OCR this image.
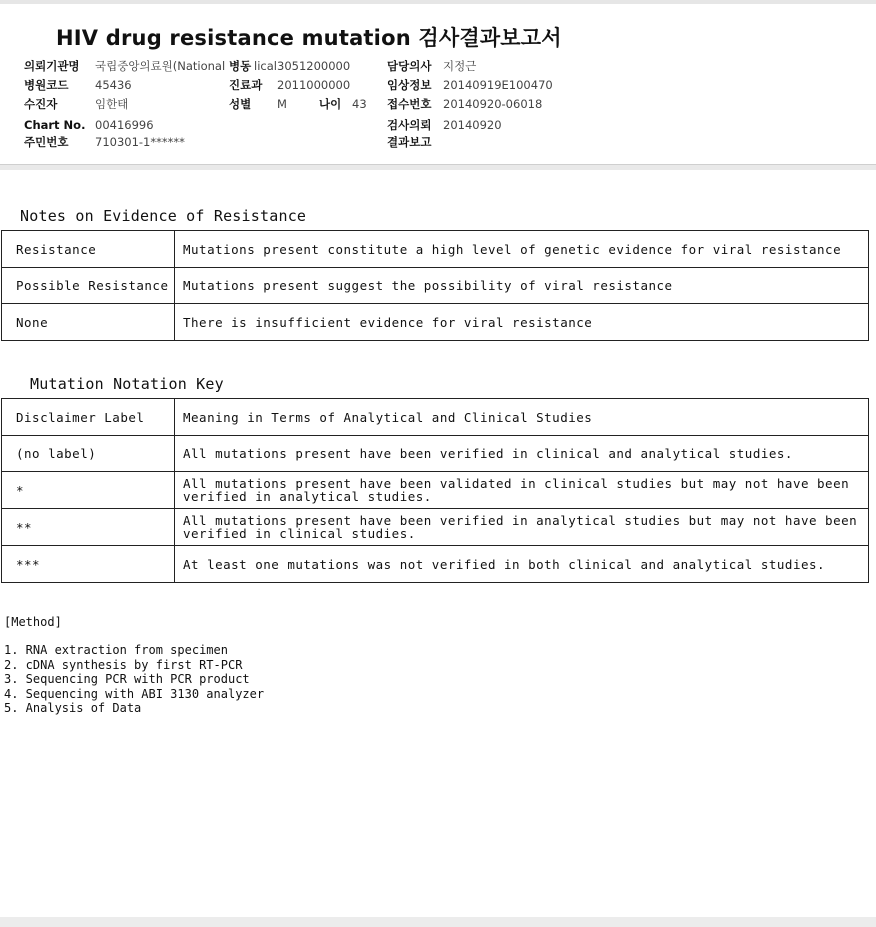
HIV drug resistance mutation 검사결과보고서
의뢰기관명 국립중앙의료원(National 병동 lical 3051200000	담당의사 지정근
병원코드 45436	진료과 2011000000	임상정보 20140919E100470
수진자	임한태	성별 M	나이 43 접수번호 20140920-06018
Chart No. 00416996	검사의뢰 20140920
주민번호 710301-1******	결과보고
Notes on Evidence of Resistance
Resistance	Mutations present constitute a high level of genetic evidence for viral resistance
Possible Resistance	Mutations present suggest the possibility of viral resistance
None	There is insufficient evidence for viral resistance
Mutation Notation Key
Disclaimer Label	Meaning in Terms of Analytical and Clinical Studies
(no label)	All mutations present have been verified in clinical and analytical studies.
*	All mutations present have been validated in clinical studies but may not have been verified in analytical studies.

**	All mutations present have been verified in analytical studies but may not have been verified in clinical studies.

***	At least one mutations was not verified in both clinical and analytical studies.
[Method]
1. RNA extraction from specimen
2. cDNA synthesis by first RT-PCR
3. Sequencing PCR with PCR product
4. Sequencing with ABI 3130 analyzer
5. Analysis of Data
